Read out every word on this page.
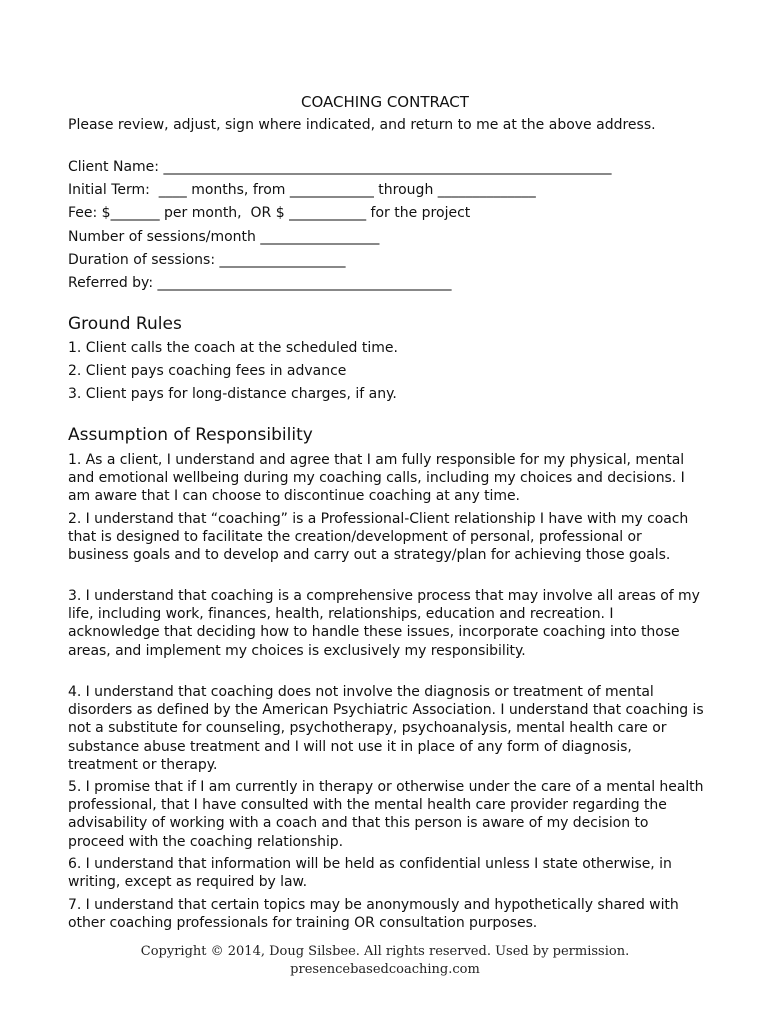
COACHING CONTRACT
Please review, adjust, sign where indicated, and return to me at the above address.
Client Name: ________________________________________________________________
Initial Term:  ____ months, from ____________ through ______________
Fee: $_______ per month,  OR $ ___________ for the project
Number of sessions/month _________________
Duration of sessions: __________________
Referred by: __________________________________________
Ground Rules
1. Client calls the coach at the scheduled time.
2. Client pays coaching fees in advance
3. Client pays for long-distance charges, if any.
Assumption of Responsibility
1. As a client, I understand and agree that I am fully responsible for my physical, mental and emotional wellbeing during my coaching calls, including my choices and decisions. I am aware that I can choose to discontinue coaching at any time.
2. I understand that “coaching” is a Professional-Client relationship I have with my coach that is designed to facilitate the creation/development of personal, professional or business goals and to develop and carry out a strategy/plan for achieving those goals.
3. I understand that coaching is a comprehensive process that may involve all areas of my life, including work, finances, health, relationships, education and recreation. I acknowledge that deciding how to handle these issues, incorporate coaching into those areas, and implement my choices is exclusively my responsibility.
4. I understand that coaching does not involve the diagnosis or treatment of mental disorders as defined by the American Psychiatric Association. I understand that coaching is not a substitute for counseling, psychotherapy, psychoanalysis, mental health care or substance abuse treatment and I will not use it in place of any form of diagnosis, treatment or therapy.
5. I promise that if I am currently in therapy or otherwise under the care of a mental health professional, that I have consulted with the mental health care provider regarding the advisability of working with a coach and that this person is aware of my decision to proceed with the coaching relationship.
6. I understand that information will be held as confidential unless I state otherwise, in writing, except as required by law.
7. I understand that certain topics may be anonymously and hypothetically shared with other coaching professionals for training OR consultation purposes.
Copyright © 2014, Doug Silsbee. All rights reserved. Used by permission.
presencebasedcoaching.com
